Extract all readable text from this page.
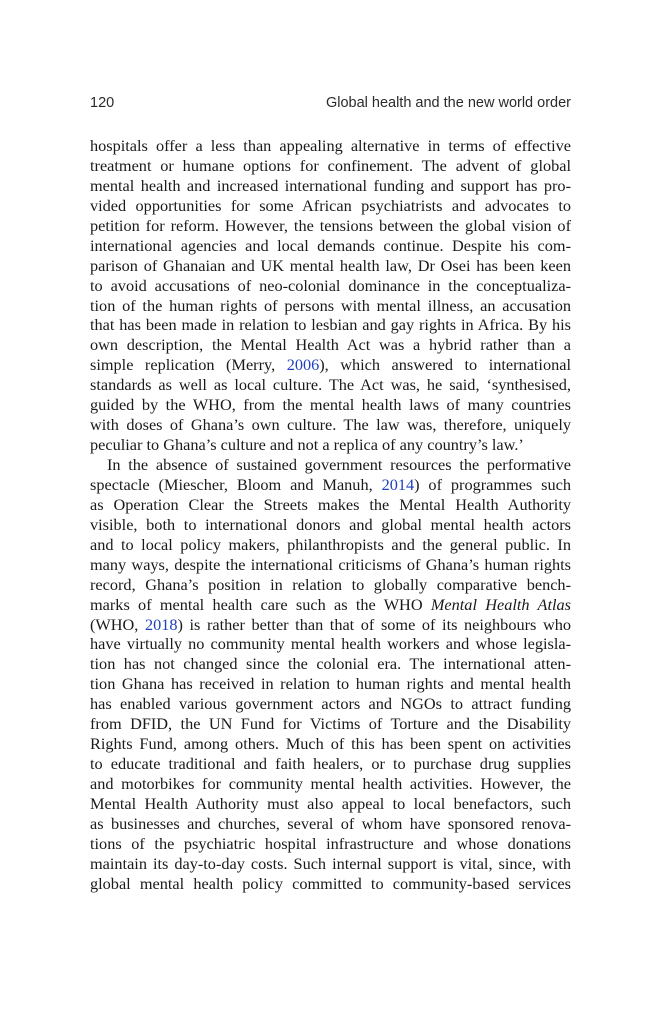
120	Global health and the new world order
hospitals offer a less than appealing alternative in terms of effective
treatment or humane options for confinement. The advent of global
mental health and increased international funding and support has pro-
vided opportunities for some African psychiatrists and advocates to
petition for reform. However, the tensions between the global vision of
international agencies and local demands continue. Despite his com-
parison of Ghanaian and UK mental health law, Dr Osei has been keen
to avoid accusations of neo-colonial dominance in the conceptualiza-
tion of the human rights of persons with mental illness, an accusation
that has been made in relation to lesbian and gay rights in Africa. By his
own description, the Mental Health Act was a hybrid rather than a
simple replication (Merry, 2006), which answered to international
standards as well as local culture. The Act was, he said, ‘synthesised,
guided by the WHO, from the mental health laws of many countries
with doses of Ghana’s own culture. The law was, therefore, uniquely
peculiar to Ghana’s culture and not a replica of any country’s law.’
In the absence of sustained government resources the performative
spectacle (Miescher, Bloom and Manuh, 2014) of programmes such
as Operation Clear the Streets makes the Mental Health Authority
visible, both to international donors and global mental health actors
and to local policy makers, philanthropists and the general public. In
many ways, despite the international criticisms of Ghana’s human rights
record, Ghana’s position in relation to globally comparative bench-
marks of mental health care such as the WHO Mental Health Atlas
(WHO, 2018) is rather better than that of some of its neighbours who
have virtually no community mental health workers and whose legisla-
tion has not changed since the colonial era. The international atten-
tion Ghana has received in relation to human rights and mental health
has enabled various government actors and NGOs to attract funding
from DFID, the UN Fund for Victims of Torture and the Disability
Rights Fund, among others. Much of this has been spent on activities
to educate traditional and faith healers, or to purchase drug supplies
and motorbikes for community mental health activities. However, the
Mental Health Authority must also appeal to local benefactors, such
as businesses and churches, several of whom have sponsored renova-
tions of the psychiatric hospital infrastructure and whose donations
maintain its day-to-day costs. Such internal support is vital, since, with
global mental health policy committed to community-based services
